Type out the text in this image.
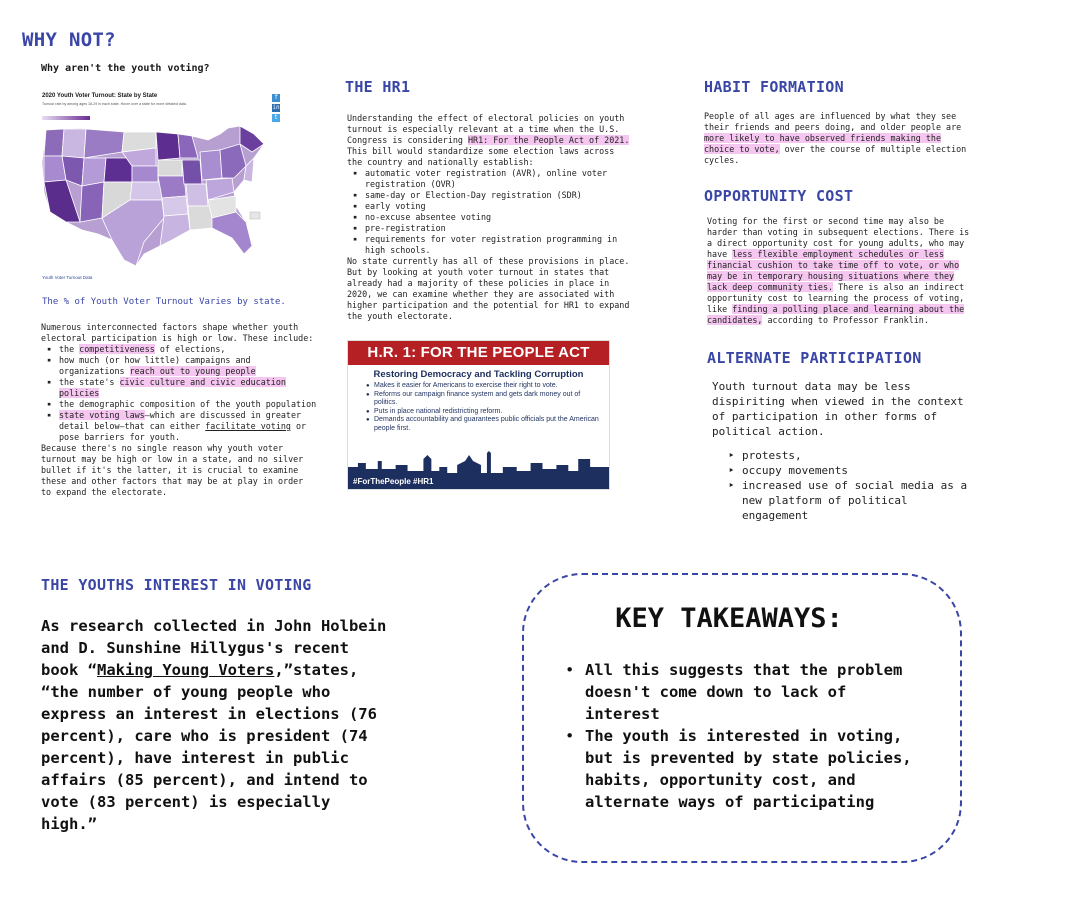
WHY NOT?
Why aren't the youth voting?
2020 Youth Voter Turnout: State by State
Turnout rate by among ages 18-29 in each state. Hover over a state for more detailed data.
f
in
t
Youth Voter Turnout Data
The % of Youth Voter Turnout Varies by state.
Numerous interconnected factors shape whether youth electoral participation is high or low. These include:
▪ the competitiveness of elections,
▪ how much (or how little) campaigns and organizations reach out to young people
▪ the state's civic culture and civic education policies
▪ the demographic composition of the youth population
▪ state voting laws—which are discussed in greater detail below—that can either facilitate voting or pose barriers for youth.
Because there's no single reason why youth voter turnout may be high or low in a state, and no silver bullet if it's the latter, it is crucial to examine these and other factors that may be at play in order to expand the electorate.
THE HR1
Understanding the effect of electoral policies on youth turnout is especially relevant at a time when the U.S. Congress is considering HR1: For the People Act of 2021. This bill would standardize some election laws across the country and nationally establish:
▪ automatic voter registration (AVR), online voter registration (OVR)
▪ same-day or Election-Day registration (SDR)
▪ early voting
▪ no-excuse absentee voting
▪ pre-registration
▪ requirements for voter registration programming in high schools.
No state currently has all of these provisions in place. But by looking at youth voter turnout in states that already had a majority of these policies in place in 2020, we can examine whether they are associated with higher participation and the potential for HR1 to expand the youth electorate.
H.R. 1: FOR THE PEOPLE ACT
Restoring Democracy and Tackling Corruption
● Makes it easier for Americans to exercise their right to vote.
● Reforms our campaign finance system and gets dark money out of politics.
● Puts in place national redistricting reform.
● Demands accountability and guarantees public officials put the American people first.
#ForThePeople #HR1
HABIT FORMATION
People of all ages are influenced by what they see their friends and peers doing, and older people are more likely to have observed friends making the choice to vote, over the course of multiple election cycles.
OPPORTUNITY COST
Voting for the first or second time may also be harder than voting in subsequent elections. There is a direct opportunity cost for young adults, who may have less flexible employment schedules or less financial cushion to take time off to vote, or who may be in temporary housing situations where they lack deep community ties. There is also an indirect opportunity cost to learning the process of voting, like finding a polling place and learning about the candidates, according to Professor Franklin.
ALTERNATE PARTICIPATION
Youth turnout data may be less dispiriting when viewed in the context of participation in other forms of political action.
‣ protests,
‣ occupy movements
‣ increased use of social media as a new platform of political engagement
THE YOUTHS INTEREST IN VOTING
As research collected in John Holbein and D. Sunshine Hillygus's recent book “Making Young Voters,”states, “the number of young people who express an interest in elections (76 percent), care who is president (74 percent), have interest in public affairs (85 percent), and intend to vote (83 percent) is especially high.”
KEY TAKEAWAYS:
• All this suggests that the problem doesn't come down to lack of interest
• The youth is interested in voting, but is prevented by state policies, habits, opportunity cost, and alternate ways of participating
